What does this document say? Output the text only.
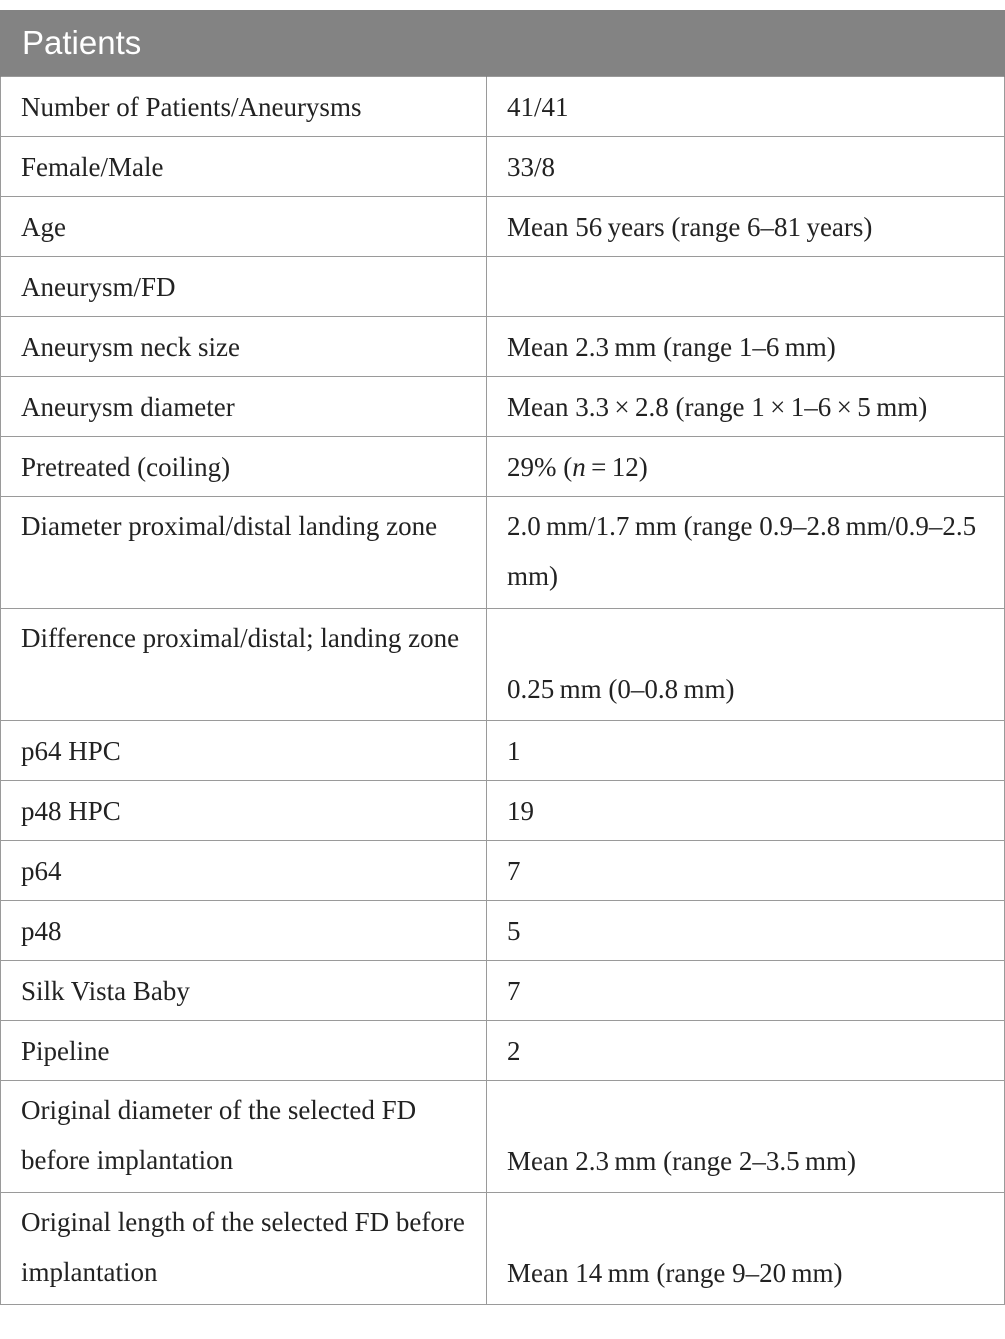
Patients	
Number of Patients/Aneurysms	41/41
Female/Male	33/8
Age	Mean 56 years (range 6–81 years)
Aneurysm/FD	
Aneurysm neck size	Mean 2.3 mm (range 1–6 mm)
Aneurysm diameter	Mean 3.3 × 2.8 (range 1 × 1–6 × 5 mm)
Pretreated (coiling)	29% (n = 12)
Diameter proximal/distal landing zone	2.0 mm/1.7 mm (range 0.9–2.8 mm/0.9–2.5 mm)
Difference proximal/distal; landing zone	0.25 mm (0–0.8 mm)
p64 HPC	1
p48 HPC	19
p64	7
p48	5
Silk Vista Baby	7
Pipeline	2
Original diameter of the selected FD before implantation	Mean 2.3 mm (range 2–3.5 mm)
Original length of the selected FD before implantation	Mean 14 mm (range 9–20 mm)
